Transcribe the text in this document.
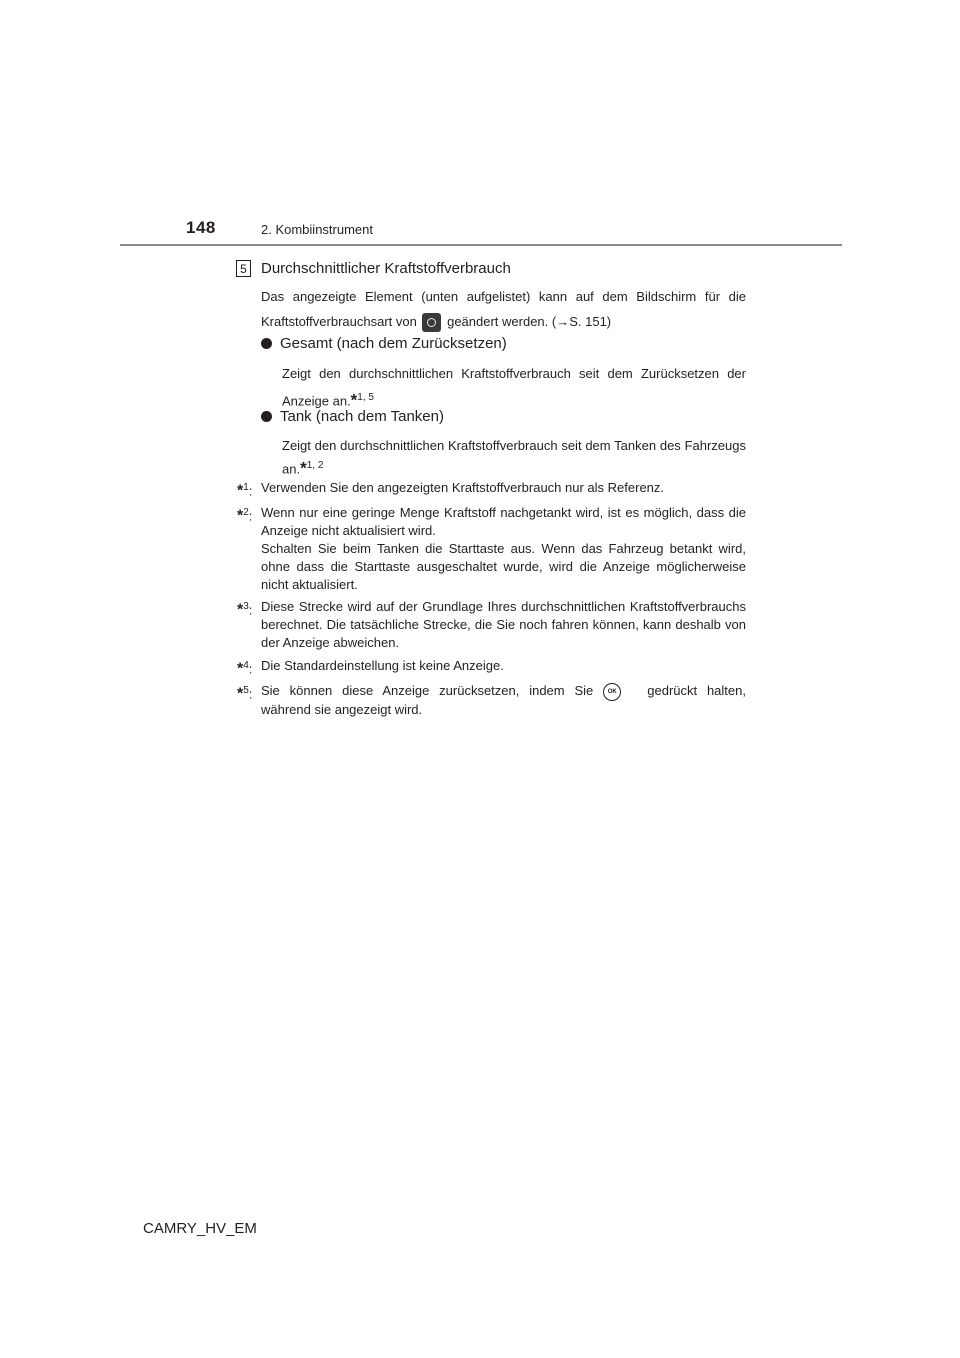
148	2. Kombiinstrument
5 Durchschnittlicher Kraftstoffverbrauch
Das angezeigte Element (unten aufgelistet) kann auf dem Bildschirm für die Kraftstoffverbrauchsart von geändert werden. (→S. 151)
Gesamt (nach dem Zurücksetzen)
Zeigt den durchschnittlichen Kraftstoffverbrauch seit dem Zurücksetzen der Anzeige an.*$^{1, 5}$
Tank (nach dem Tanken)
Zeigt den durchschnittlichen Kraftstoffverbrauch seit dem Tanken des Fahrzeugs an.*$^{1, 2}$
*$^1$: Verwenden Sie den angezeigten Kraftstoffverbrauch nur als Referenz.
*$^2$: Wenn nur eine geringe Menge Kraftstoff nachgetankt wird, ist es möglich, dass die Anzeige nicht aktualisiert wird.
Schalten Sie beim Tanken die Starttaste aus. Wenn das Fahrzeug betankt wird, ohne dass die Starttaste ausgeschaltet wurde, wird die Anzeige möglicherweise nicht aktualisiert.
*$^3$: Diese Strecke wird auf der Grundlage Ihres durchschnittlichen Kraftstoffverbrauchs berechnet. Die tatsächliche Strecke, die Sie noch fahren können, kann deshalb von der Anzeige abweichen.
*$^4$: Die Standardeinstellung ist keine Anzeige.
*$^5$: Sie können diese Anzeige zurücksetzen, indem Sie OK gedrückt halten, während sie angezeigt wird.
CAMRY_HV_EM
